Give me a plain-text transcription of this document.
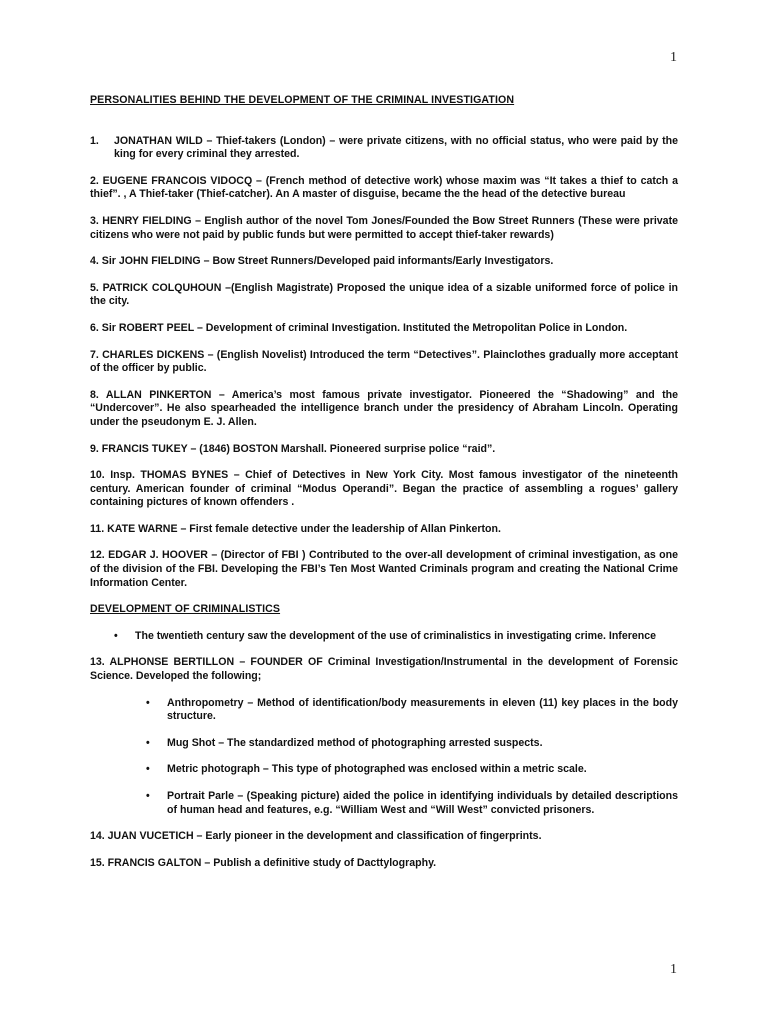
1
PERSONALITIES BEHIND THE DEVELOPMENT OF THE CRIMINAL INVESTIGATION
1.	JONATHAN WILD – Thief-takers (London) – were private citizens, with no official status, who were paid by the king for every criminal they arrested.
2. EUGENE FRANCOIS VIDOCQ – (French method of detective work) whose maxim was “It takes a thief to catch a thief”. , A Thief-taker (Thief-catcher). An A master of disguise, became the the head of the detective bureau
3. HENRY FIELDING – English author of the novel Tom Jones/Founded the Bow Street Runners (These were private citizens who were not paid by public funds but were permitted to accept thief-taker rewards)
4. Sir JOHN FIELDING – Bow Street Runners/Developed paid informants/Early Investigators.
5. PATRICK COLQUHOUN –(English Magistrate) Proposed the unique idea of a sizable uniformed force of police in the city.
6. Sir ROBERT PEEL – Development of criminal Investigation. Instituted the Metropolitan Police in London.
7. CHARLES DICKENS – (English Novelist) Introduced the term “Detectives”. Plainclothes gradually more acceptant of the officer by public.
8. ALLAN PINKERTON – America’s most famous private investigator. Pioneered the “Shadowing” and the “Undercover”. He also spearheaded the intelligence branch under the presidency of Abraham Lincoln. Operating under the pseudonym E. J. Allen.
9. FRANCIS TUKEY – (1846) BOSTON Marshall. Pioneered surprise police “raid”.
10. Insp. THOMAS BYNES – Chief of Detectives in New York City. Most famous investigator of the nineteenth century. American founder of criminal “Modus Operandi”. Began the practice of assembling a rogues’ gallery containing pictures of known offenders .
11. KATE WARNE – First female detective under the leadership of Allan Pinkerton.
12. EDGAR J. HOOVER – (Director of FBI ) Contributed to the over-all development of criminal investigation, as one of the division of the FBI. Developing the FBI’s Ten Most Wanted Criminals program and creating the National Crime Information Center.
DEVELOPMENT OF CRIMINALISTICS
•	The twentieth century saw the development of the use of criminalistics in investigating crime. Inference
13. ALPHONSE BERTILLON – FOUNDER OF Criminal Investigation/Instrumental in the development of Forensic Science. Developed the following;
•	Anthropometry – Method of identification/body measurements in eleven (11) key places in the body structure.
•	Mug Shot – The standardized method of photographing arrested suspects.
•	Metric photograph – This type of photographed was enclosed within a metric scale.
•	Portrait Parle – (Speaking picture) aided the police in identifying individuals by detailed descriptions of human head and features, e.g. “William West and “Will West” convicted prisoners.
14. JUAN VUCETICH – Early pioneer in the development and classification of fingerprints.
15. FRANCIS GALTON – Publish a definitive study of Dacttylography.
1
